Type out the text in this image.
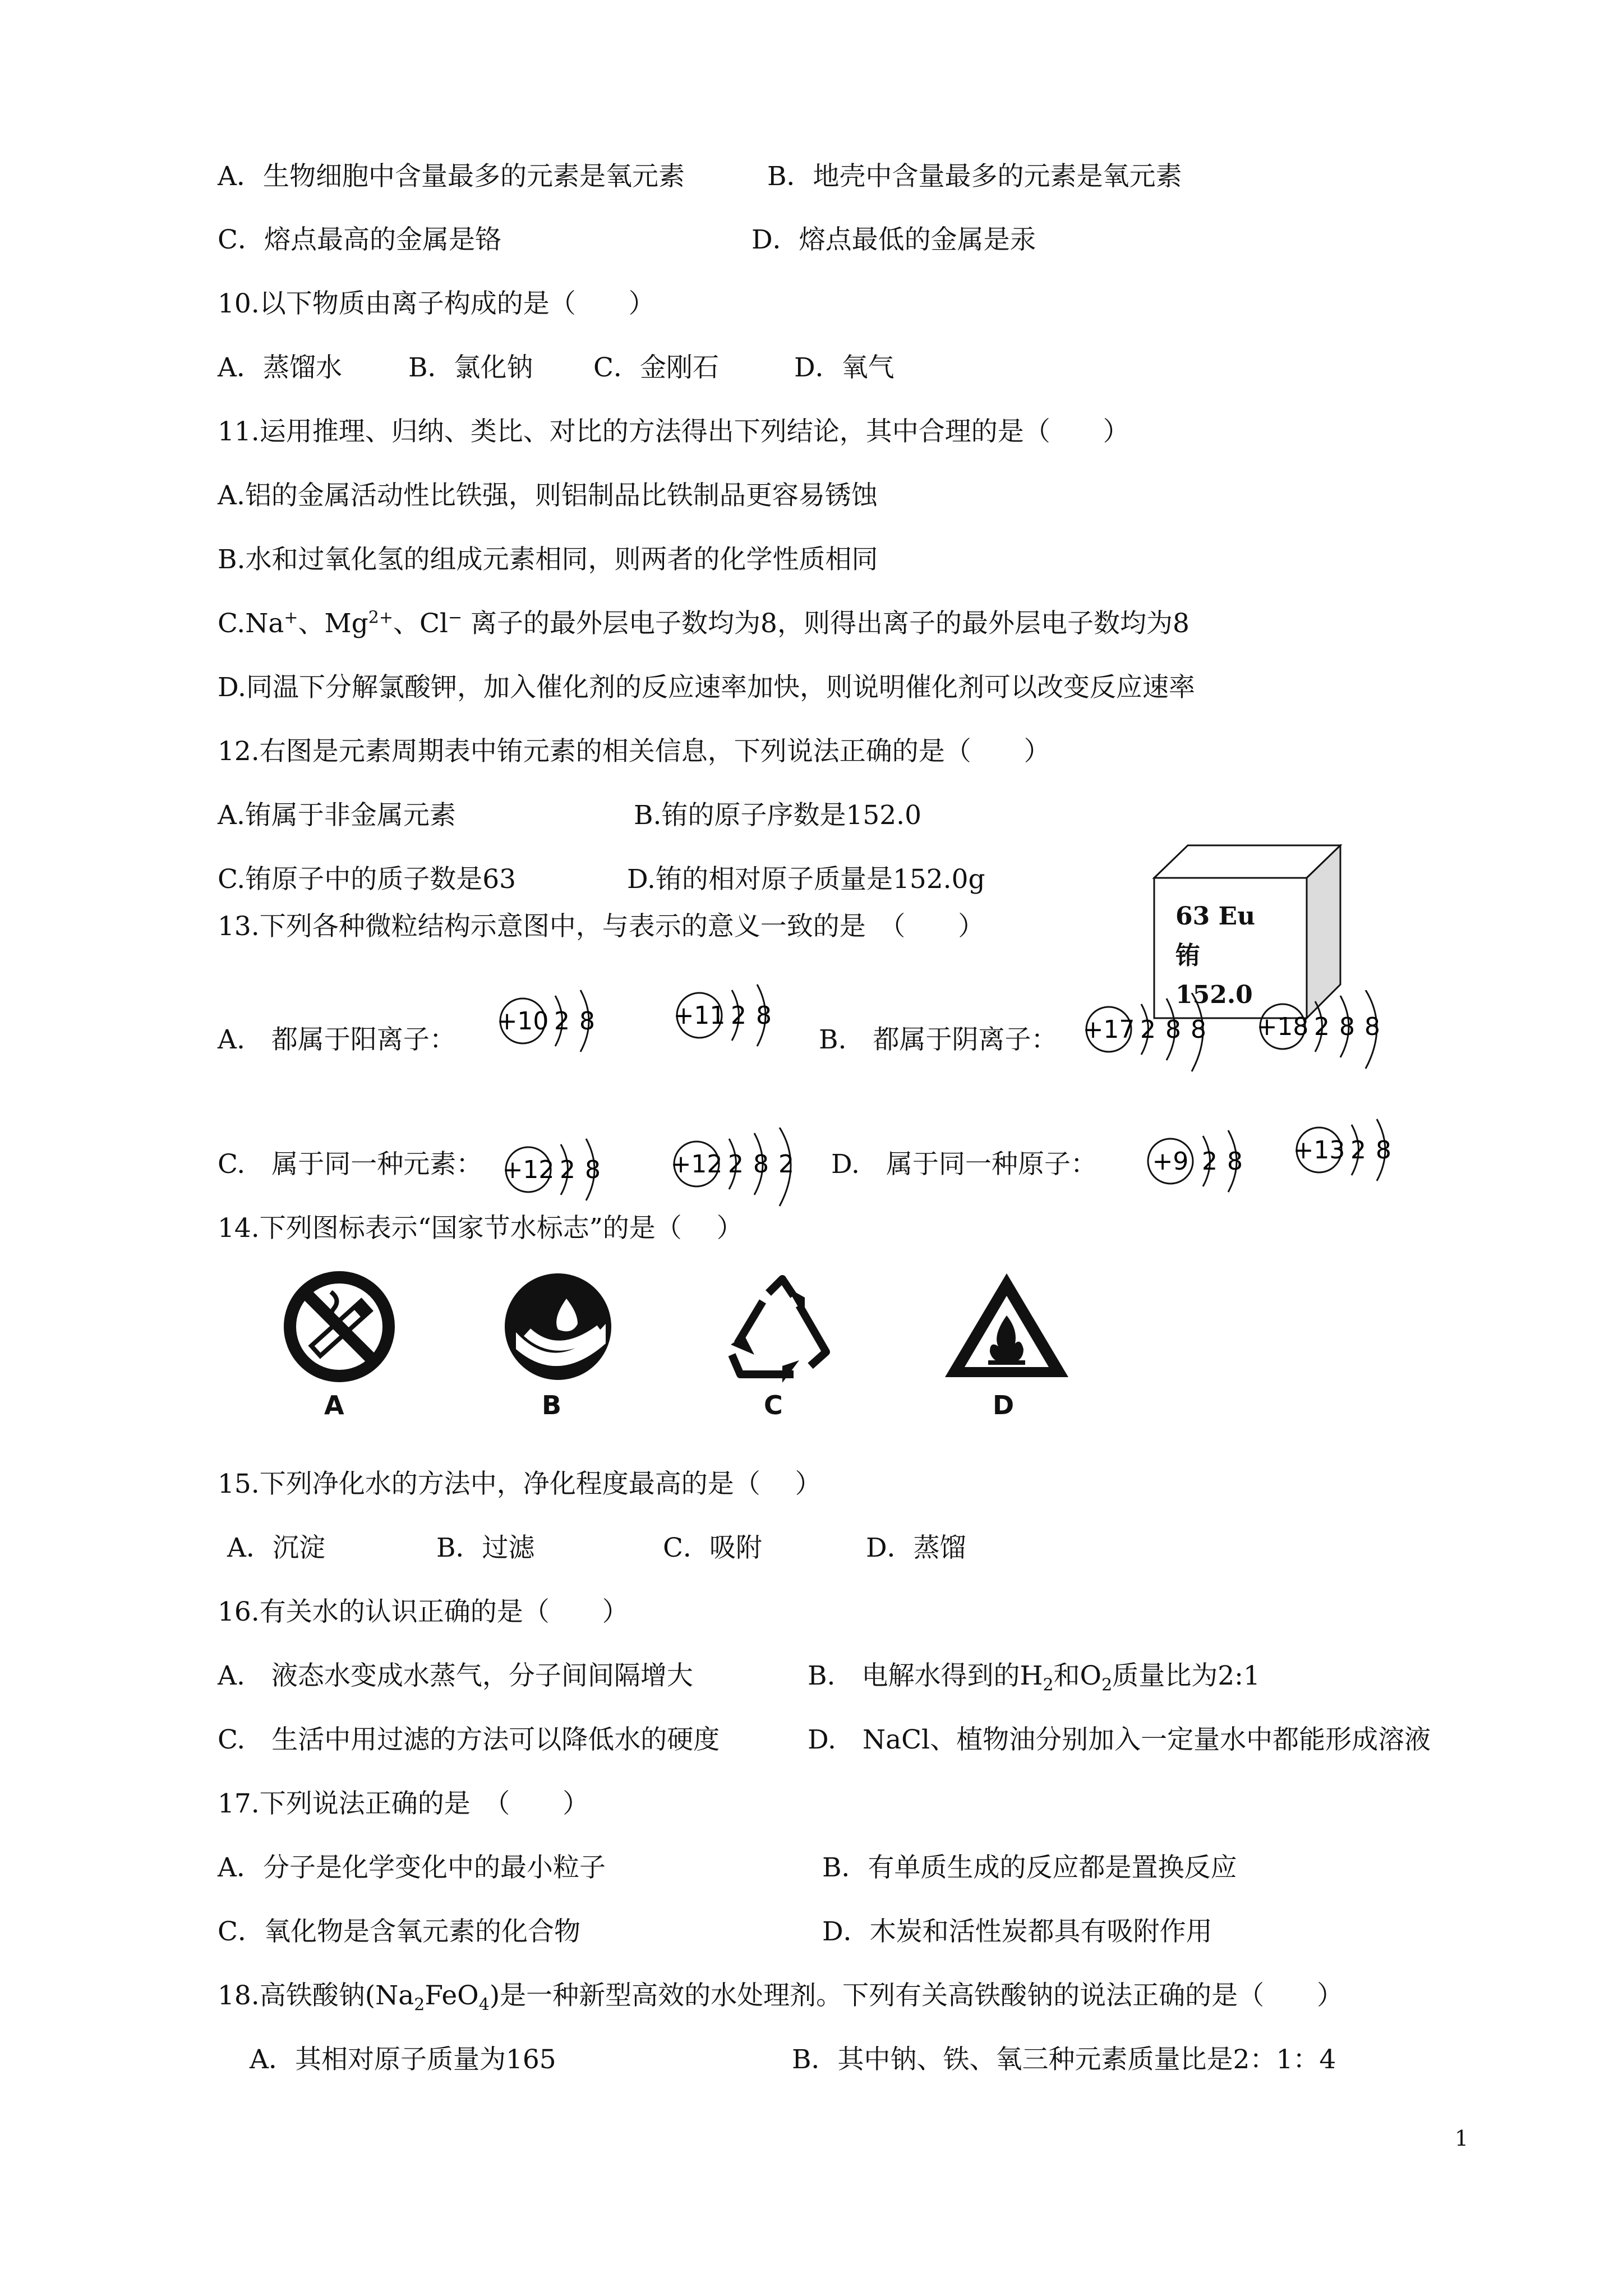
A．生物细胞中含量最多的元素是氧元素	B．地壳中含量最多的元素是氧元素
C．熔点最高的金属是铬	D．熔点最低的金属是汞
10.以下物质由离子构成的是（　　）
A．蒸馏水	B．氯化钠 C．金刚石	D．氧气
11.运用推理、归纳、类比、对比的方法得出下列结论，其中合理的是（　　）
A.铝的金属活动性比铁强，则铝制品比铁制品更容易锈蚀
B.水和过氧化氢的组成元素相同，则两者的化学性质相同
C.Na+、$Mg^{2+}$、Cl− 离子的最外层电子数均为8，则得出离子的最外层电子数均为8
D.同温下分解氯酸钾，加入催化剂的反应速率加快，则说明催化剂可以改变反应速率
12.右图是元素周期表中铕元素的相关信息，下列说法正确的是（　　）
A.铕属于非金属元素	B.铕的原子序数是152.0
C.铕原子中的质子数是63	D.铕的相对原子质量是152.0g
63 Eu
铕
152.0
13.下列各种微粒结构示意图中，与表示的意义一致的是　（　　）
A.　都属于阳离子：	B.　都属于阴离子：
C.　属于同一种元素：	D.　属于同一种原子：
+10 2 8	+11 2 8	+17 2 8 8 +18 2 8 8
+12 2 8	+12 2 8 2	+9 2 8 +13 2 8
14.下列图标表示“国家节水标志”的是（　 ）
A	B	C	D
15.下列净化水的方法中，净化程度最高的是（　 ）
A．沉淀	B．过滤	C．吸附	D．蒸馏
16.有关水的认识正确的是（　　）
A.　液态水变成水蒸气，分子间间隔增大	B.　电解水得到的$H_2$和$O_2$质量比为2:1
C.　生活中用过滤的方法可以降低水的硬度	D.　NaCl、植物油分别加入一定量水中都能形成溶液
17.下列说法正确的是　（　　）
A．分子是化学变化中的最小粒子	B．有单质生成的反应都是置换反应
C．氧化物是含氧元素的化合物	D．木炭和活性炭都具有吸附作用
18.高铁酸钠$(Na_2FeO_4)$是一种新型高效的水处理剂。下列有关高铁酸钠的说法正确的是（　　）
A．其相对原子质量为165	B．其中钠、铁、氧三种元素质量比是2：1：4
1
